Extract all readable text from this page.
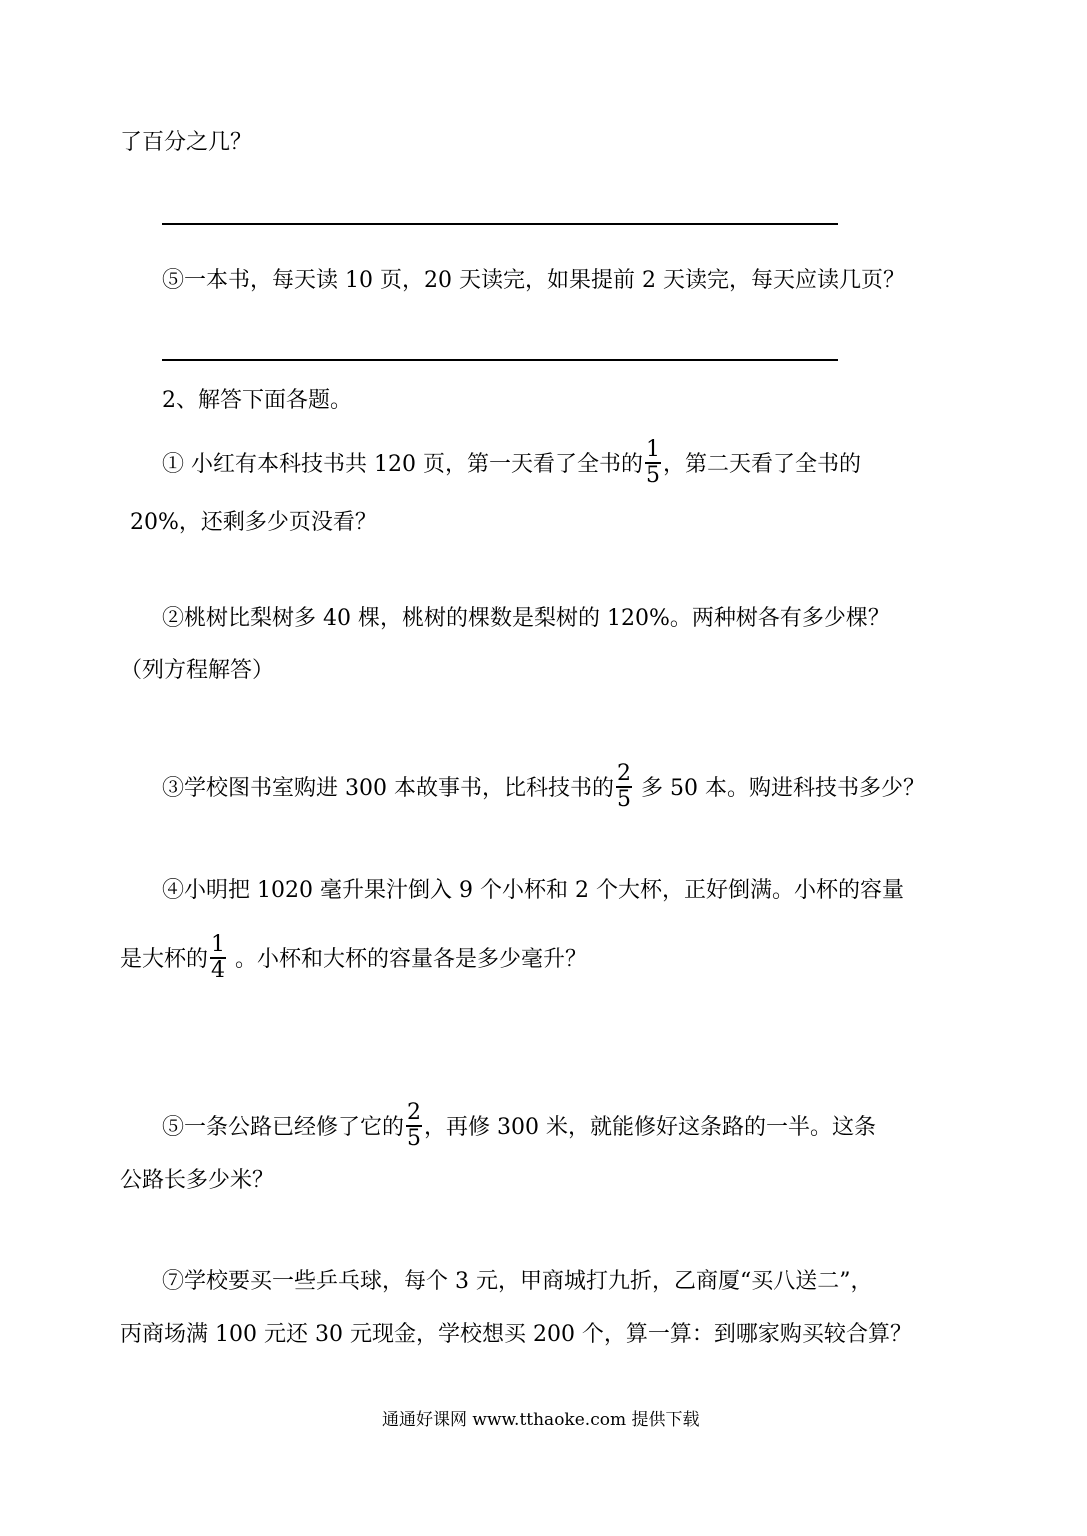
了百分之几？
⑤一本书，每天读 10 页，20 天读完，如果提前 2 天读完，每天应读几页？
2、解答下面各题。
① 小红有本科技书共 120 页，第一天看了全书的 $\frac{1}{5}$ ，第二天看了全书的
20%，还剩多少页没看？
②桃树比梨树多 40 棵，桃树的棵数是梨树的 120%。两种树各有多少棵？
（列方程解答）
③学校图书室购进 300 本故事书，比科技书的 $\frac{2}{5}$ 多 50 本。购进科技书多少？
④小明把 1020 毫升果汁倒入 9 个小杯和 2 个大杯，正好倒满。小杯的容量
是大杯的 $\frac{1}{4}$ 。小杯和大杯的容量各是多少毫升？
⑤一条公路已经修了它的 $\frac{2}{5}$ ，再修 300 米，就能修好这条路的一半。这条
公路长多少米？
⑦学校要买一些乒乓球，每个 3 元，甲商城打九折，乙商厦“买八送二”，
丙商场满 100 元还 30 元现金，学校想买 200 个，算一算：到哪家购买较合算？
通通好课网 www.tthaoke.com 提供下载
